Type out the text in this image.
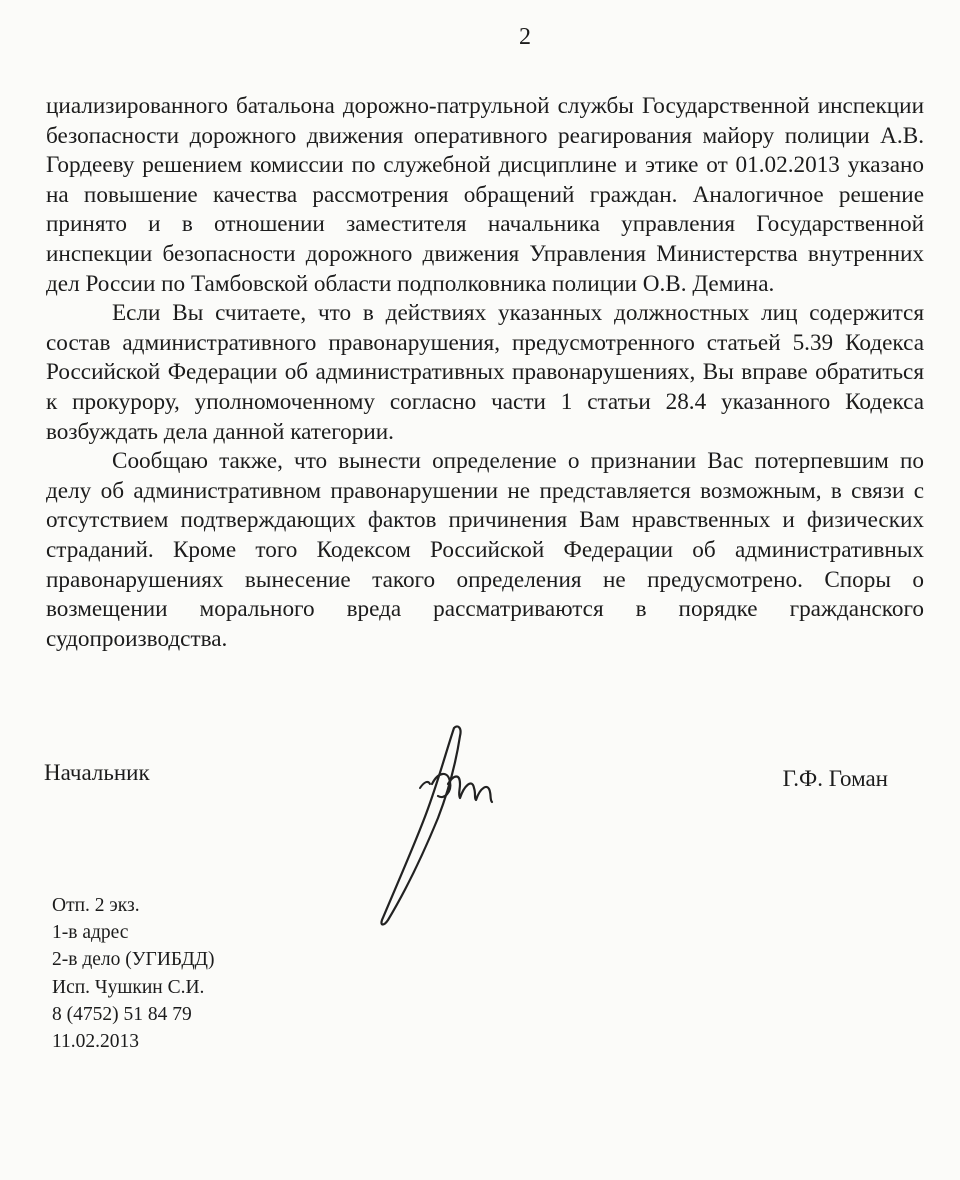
2

циализированного батальона дорожно-патрульной службы Государственной инспекции безопасности дорожного движения оперативного реагирования майору полиции А.В. Гордееву решением комиссии по служебной дисциплине и этике от 01.02.2013 указано на повышение качества рассмотрения обращений граждан. Аналогичное решение принято и в отношении заместителя начальника управления Государственной инспекции безопасности дорожного движения Управления Министерства внутренних дел России по Тамбовской области подполковника полиции О.В. Демина.

Если Вы считаете, что в действиях указанных должностных лиц содержится состав административного правонарушения, предусмотренного статьей 5.39 Кодекса Российской Федерации об административных правонарушениях, Вы вправе обратиться к прокурору, уполномоченному согласно части 1 статьи 28.4 указанного Кодекса возбуждать дела данной категории.

Сообщаю также, что вынести определение о признании Вас потерпевшим по делу об административном правонарушении не представляется возможным, в связи с отсутствием подтверждающих фактов причинения Вам нравственных и физических страданий. Кроме того Кодексом Российской Федерации об административных правонарушениях вынесение такого определения не предусмотрено. Споры о возмещении морального вреда рассматриваются в порядке гражданского судопроизводства.

Начальник	Г.Ф. Гоман
Отп. 2 экз.
1-в адрес
2-в дело (УГИБДД)
Исп. Чушкин С.И.
8 (4752) 51 84 79
11.02.2013
